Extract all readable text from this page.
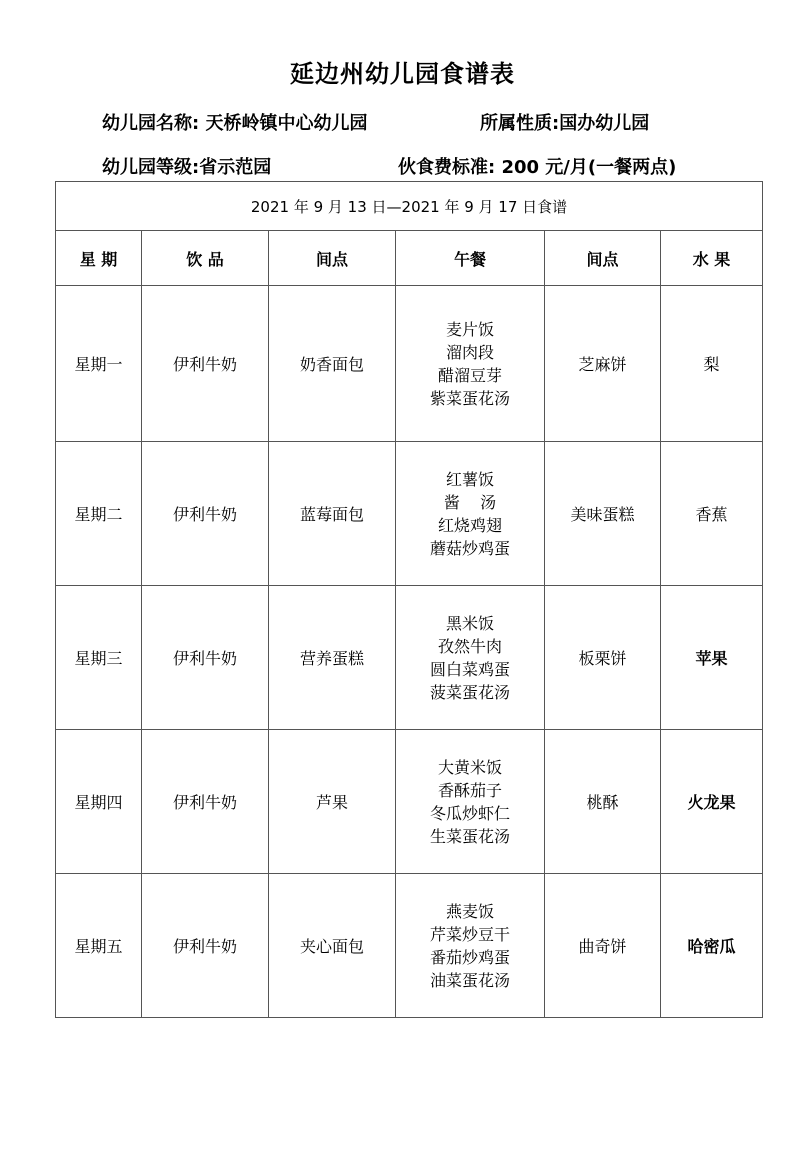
延边州幼儿园食谱表
幼儿园名称: 天桥岭镇中心幼儿园	所属性质:国办幼儿园
幼儿园等级:省示范园	伙食费标准: 200 元/月(一餐两点)
2021 年 9 月 13 日—2021 年 9 月 17 日食谱					
星 期	饮 品	间点	午餐	间点	水 果
星期一	伊利牛奶	奶香面包	麦片饭
溜肉段
醋溜豆芽
紫菜蛋花汤	芝麻饼	梨
星期二	伊利牛奶	蓝莓面包	红薯饭
酱    汤
红烧鸡翅
蘑菇炒鸡蛋	美味蛋糕	香蕉
星期三	伊利牛奶	营养蛋糕	黑米饭
孜然牛肉
圆白菜鸡蛋
菠菜蛋花汤	板栗饼	苹果
星期四	伊利牛奶	芦果	大黄米饭
香酥茄子
冬瓜炒虾仁
生菜蛋花汤	桃酥	火龙果
星期五	伊利牛奶	夹心面包	燕麦饭
芹菜炒豆干
番茄炒鸡蛋
油菜蛋花汤	曲奇饼	哈密瓜
